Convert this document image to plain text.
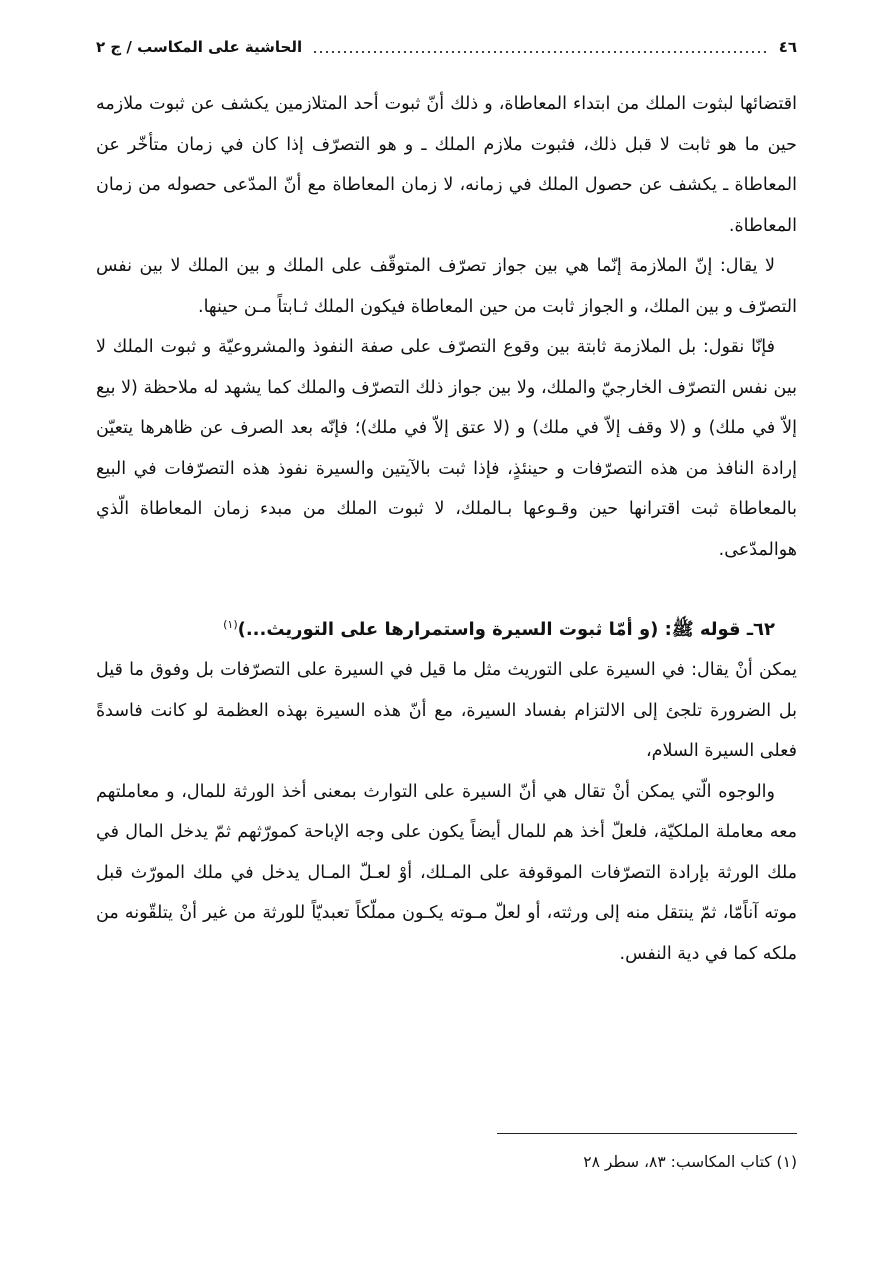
٤٦
الحاشية على المكاسب / ج ٢

اقتضائها لبثوت الملك من ابتداء المعاطاة، و ذلك أنّ ثبوت أحد المتلازمين يكشف عن ثبوت ملازمه حين ما هو ثابت لا قبل ذلك، فثبوت ملازم الملك ـ و هو التصرّف إذا كان في زمان متأخّر عن المعاطاة ـ يكشف عن حصول الملك في زمانه، لا زمان المعاطاة مع أنّ المدّعى حصوله من زمان المعاطاة.

لا يقال: إنّ الملازمة إنّما هي بين جواز تصرّف المتوقّف على الملك و بين الملك لا بين نفس التصرّف و بين الملك، و الجواز ثابت من حين المعاطاة فيكون الملك ثـابتاً مـن حينها.

فإنّا نقول: بل الملازمة ثابتة بين وقوع التصرّف على صفة النفوذ والمشروعيّة و ثبوت الملك لا بين نفس التصرّف الخارجيّ والملك، ولا بين جواز ذلك التصرّف والملك كما يشهد له ملاحظة (لا بيع إلاّ في ملك) و (لا وقف إلاّ في ملك) و (لا عتق إلاّ في ملك)؛ فإنّه بعد الصرف عن ظاهرها يتعيّن إرادة النافذ من هذه التصرّفات و حينئذٍ، فإذا ثبت بالآيتين والسيرة نفوذ هذه التصرّفات في البيع بالمعاطاة ثبت اقترانها حين وقـوعها بـالملك، لا ثبوت الملك من مبدء زمان المعاطاة الّذي هوالمدّعى.

٦٢ـ قوله ﷺ: (و أمّا ثبوت السيرة واستمرارها على التوريث...)$^{(١)}$

يمكن أنْ يقال: في السيرة على التوريث مثل ما قيل في السيرة على التصرّفات بل وفوق ما قيل بل الضرورة تلجئ إلى الالتزام بفساد السيرة، مع أنّ هذه السيرة بهذه العظمة لو كانت فاسدةً فعلى السيرة السلام،

والوجوه الّتي يمكن أنْ تقال هي أنّ السيرة على التوارث بمعنى أخذ الورثة للمال، و معاملتهم معه معاملة الملكيّة، فلعلّ أخذ هم للمال أيضاً يكون على وجه الإباحة كمورّثهم ثمّ يدخل المال في ملك الورثة بإرادة التصرّفات الموقوفة على المـلك، أوْ لعـلّ المـال يدخل في ملك المورّث قبل موته آناًمّا، ثمّ ينتقل منه إلى ورثته، أو لعلّ مـوته يكـون مملّكاً تعبديّاً للورثة من غير أنْ يتلقّونه من ملكه كما في دية النفس.

(١) كتاب المكاسب: ٨٣، سطر ٢٨
